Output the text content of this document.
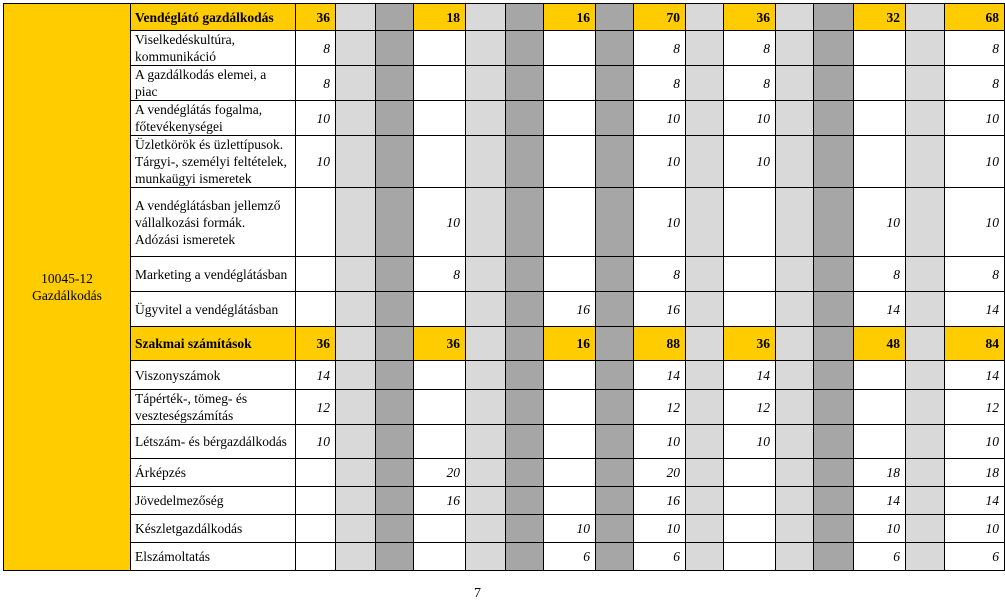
10045-12
Gazdálkodás	Vendéglátó gazdálkodás	36			18			16		70		36			32		68
	Viselkedéskultúra, kommunikáció	8								8		8					8
	A gazdálkodás elemei, a piac	8								8		8					8
	A vendéglátás fogalma, főtevékenységei	10								10		10					10
	Üzletkörök és üzlettípusok. Tárgyi-, személyi feltételek, munkaügyi ismeretek	10								10		10					10
	A vendéglátásban jellemző vállalkozási formák. Adózási ismeretek				10					10					10		10
	Marketing a vendéglátásban				8					8					8		8
	Ügyvitel a vendéglátásban							16		16					14		14
	Szakmai számítások	36			36			16		88		36			48		84
	Viszonyszámok	14								14		14					14
	Tápérték-, tömeg- és veszteségszámítás	12								12		12					12
	Létszám- és bérgazdálkodás	10								10		10					10
	Árképzés				20					20					18		18
	Jövedelmezőség				16					16					14		14
	Készletgazdálkodás							10		10					10		10
	Elszámoltatás							6		6					6		6
7
